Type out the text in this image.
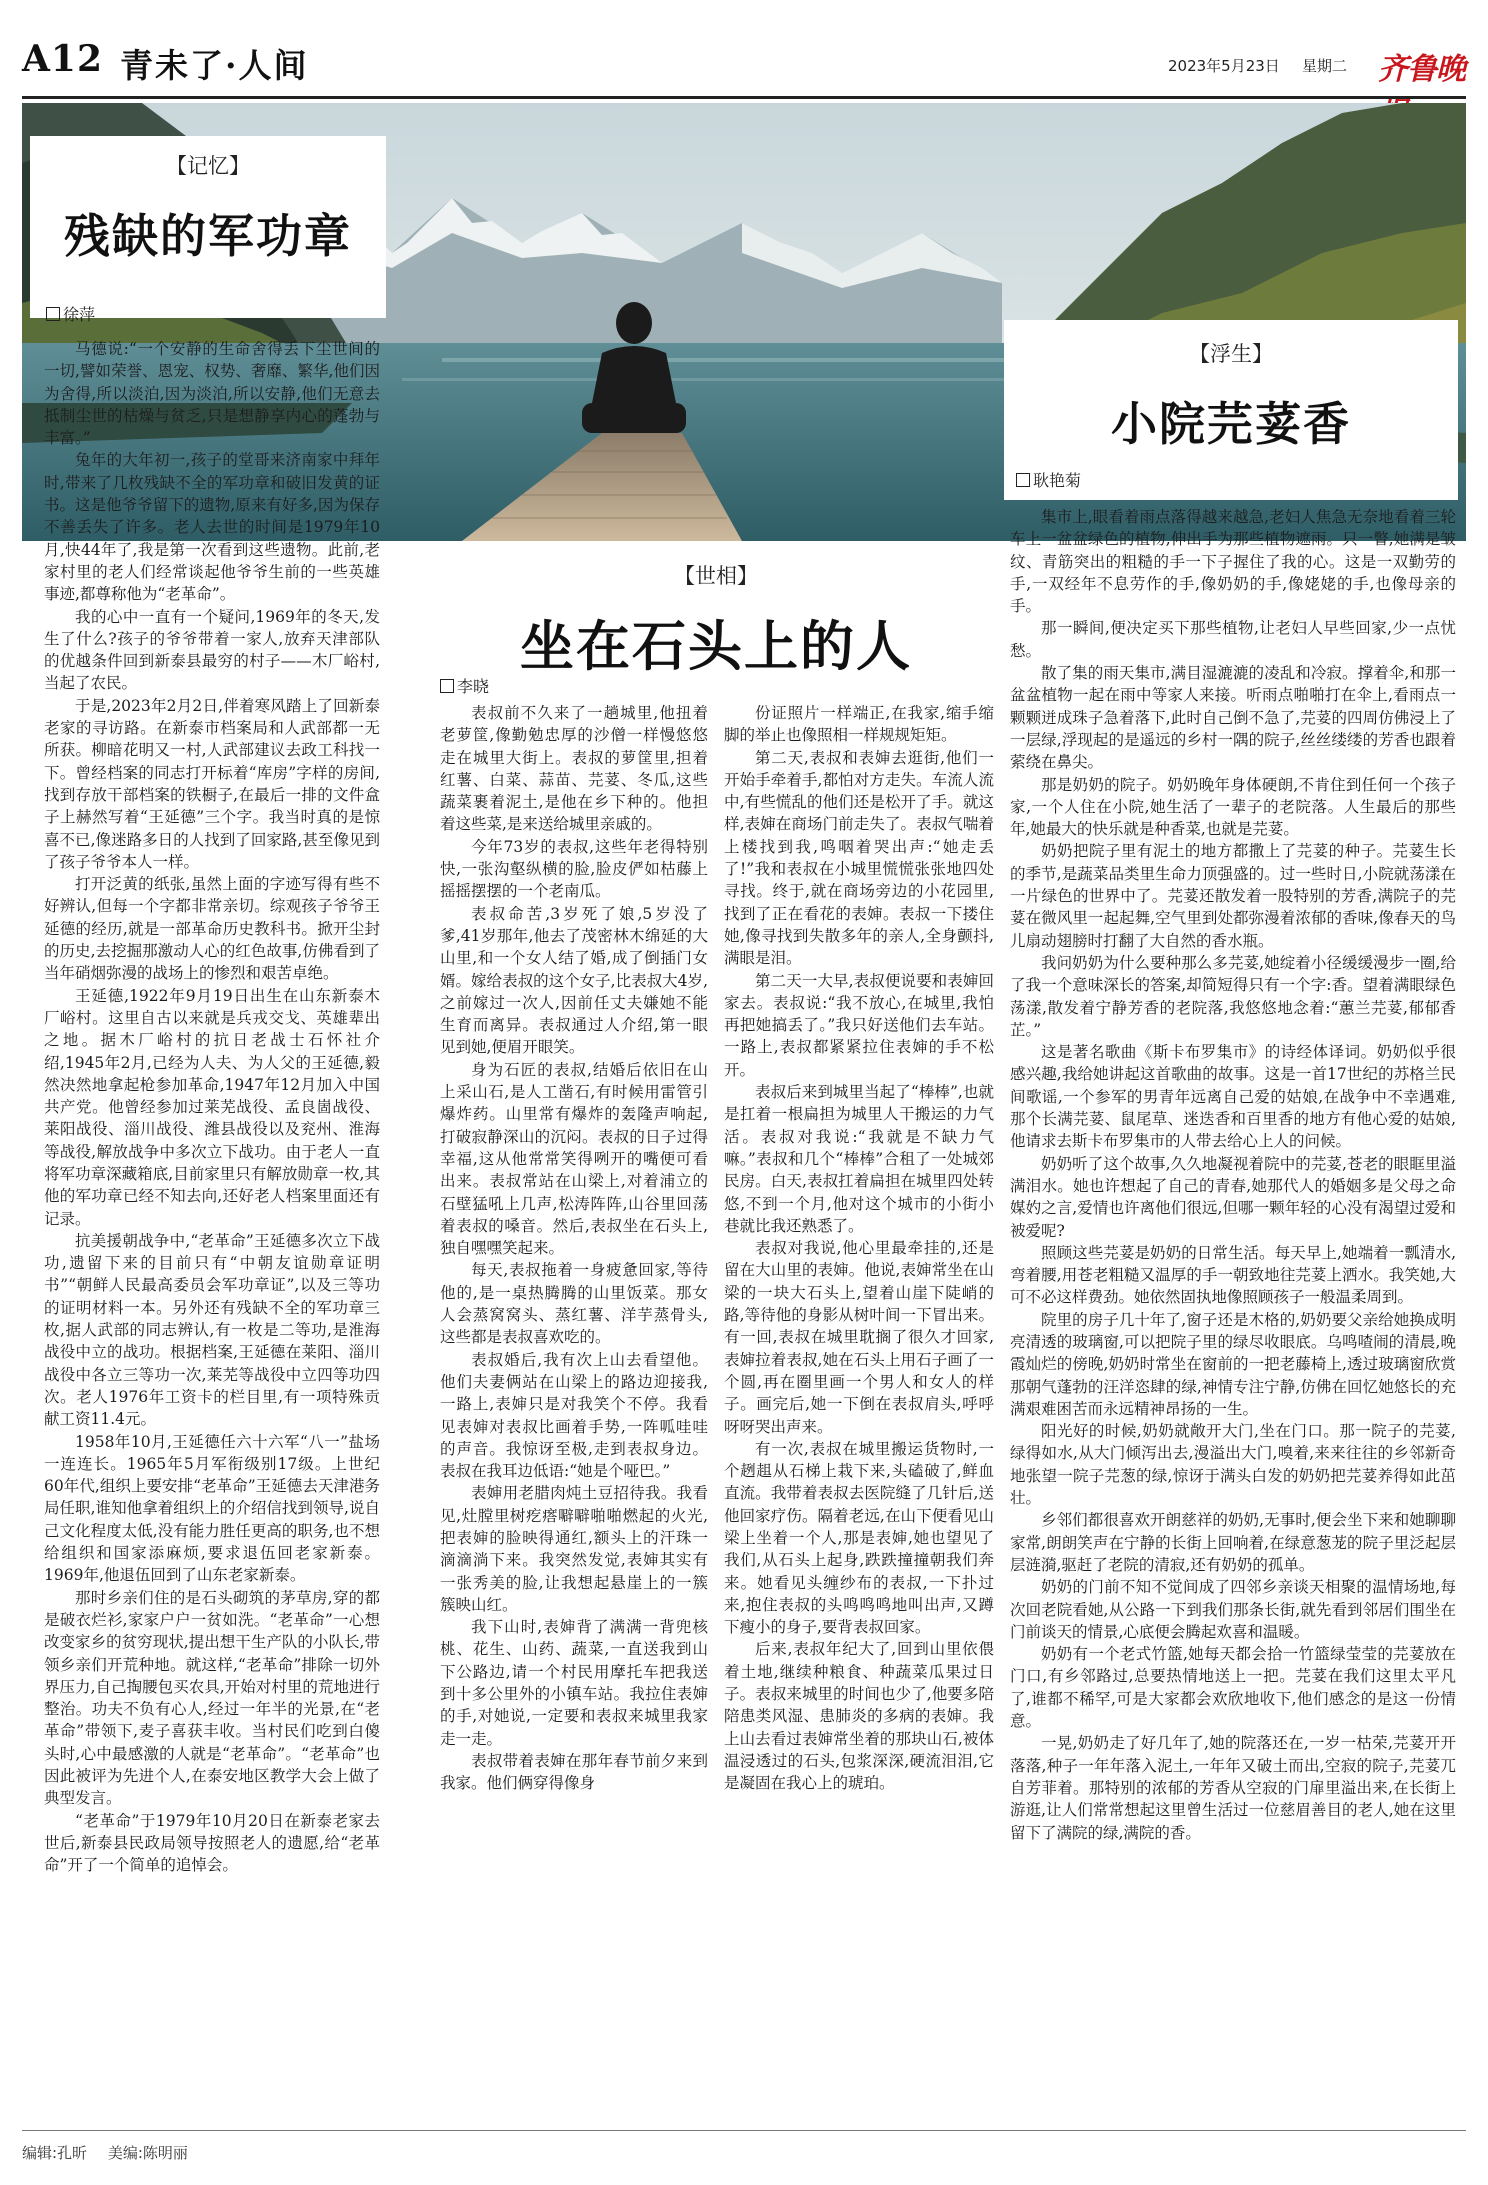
A12 青未了·人间	2023年5月23日 星期二 齐鲁晚
【记忆】
残缺的军功章
徐萍

马德说:“一个安静的生命舍得丢下尘世间的一切,譬如荣誉、恩宠、权势、奢靡、繁华,他们因为舍得,所以淡泊,因为淡泊,所以安静,他们无意去抵制尘世的枯燥与贫乏,只是想静享内心的蓬勃与丰富。”

兔年的大年初一,孩子的堂哥来济南家中拜年时,带来了几枚残缺不全的军功章和破旧发黄的证书。这是他爷爷留下的遗物,原来有好多,因为保存不善丢失了许多。老人去世的时间是1979年10月,快44年了,我是第一次看到这些遗物。此前,老家村里的老人们经常谈起他爷爷生前的一些英雄事迹,都尊称他为“老革命”。

我的心中一直有一个疑问,1969年的冬天,发生了什么?孩子的爷爷带着一家人,放弃天津部队的优越条件回到新泰县最穷的村子——木厂峪村,当起了农民。

于是,2023年2月2日,伴着寒风踏上了回新泰老家的寻访路。在新泰市档案局和人武部都一无所获。柳暗花明又一村,人武部建议去政工科找一下。曾经档案的同志打开标着“库房”字样的房间,找到存放干部档案的铁橱子,在最后一排的文件盒子上赫然写着“王延德”三个字。我当时真的是惊喜不已,像迷路多日的人找到了回家路,甚至像见到了孩子爷爷本人一样。

打开泛黄的纸张,虽然上面的字迹写得有些不好辨认,但每一个字都非常亲切。综观孩子爷爷王延德的经历,就是一部革命历史教科书。掀开尘封的历史,去挖掘那激动人心的红色故事,仿佛看到了当年硝烟弥漫的战场上的惨烈和艰苦卓绝。

王延德,1922年9月19日出生在山东新泰木厂峪村。这里自古以来就是兵戎交戈、英雄辈出之地。据木厂峪村的抗日老战士石怀社介绍,1945年2月,已经为人夫、为人父的王延德,毅然决然地拿起枪参加革命,1947年12月加入中国共产党。他曾经参加过莱芜战役、孟良崮战役、莱阳战役、淄川战役、潍县战役以及兖州、淮海等战役,解放战争中多次立下战功。由于老人一直将军功章深藏箱底,目前家里只有解放勋章一枚,其他的军功章已经不知去向,还好老人档案里面还有记录。

抗美援朝战争中,“老革命”王延德多次立下战功,遗留下来的目前只有“中朝友谊勋章证明书”“朝鲜人民最高委员会军功章证”,以及三等功的证明材料一本。另外还有残缺不全的军功章三枚,据人武部的同志辨认,有一枚是二等功,是淮海战役中立的战功。根据档案,王延德在莱阳、淄川战役中各立三等功一次,莱芜等战役中立四等功四次。老人1976年工资卡的栏目里,有一项特殊贡献工资11.4元。

1958年10月,王延德任六十六军“八一”盐场一连连长。1965年5月军衔级别17级。上世纪60年代,组织上要安排“老革命”王延德去天津港务局任职,谁知他拿着组织上的介绍信找到领导,说自己文化程度太低,没有能力胜任更高的职务,也不想给组织和国家添麻烦,要求退伍回老家新泰。1969年,他退伍回到了山东老家新泰。

那时乡亲们住的是石头砌筑的茅草房,穿的都是破衣烂衫,家家户户一贫如洗。“老革命”一心想改变家乡的贫穷现状,提出想干生产队的小队长,带领乡亲们开荒种地。就这样,“老革命”排除一切外界压力,自己掏腰包买农具,开始对村里的荒地进行整治。功夫不负有心人,经过一年半的光景,在“老革命”带领下,麦子喜获丰收。当村民们吃到白傻头时,心中最感激的人就是“老革命”。“老革命”也因此被评为先进个人,在泰安地区教学大会上做了典型发言。

“老革命”于1979年10月20日在新泰老家去世后,新泰县民政局领导按照老人的遗愿,给“老革命”开了一个简单的追悼会。

【世相】
坐在石头上的人
李晓

表叔前不久来了一趟城里,他扭着老萝筐,像勤勉忠厚的沙僧一样慢悠悠走在城里大街上。表叔的萝筐里,担着红薯、白菜、蒜苗、芫荽、冬瓜,这些蔬菜裹着泥土,是他在乡下种的。他担着这些菜,是来送给城里亲戚的。

今年73岁的表叔,这些年老得特别快,一张沟壑纵横的脸,脸皮俨如枯藤上摇摇摆摆的一个老南瓜。

表叔命苦,3岁死了娘,5岁没了爹,41岁那年,他去了茂密林木绵延的大山里,和一个女人结了婚,成了倒插门女婿。嫁给表叔的这个女子,比表叔大4岁,之前嫁过一次人,因前任丈夫嫌她不能生育而离异。表叔通过人介绍,第一眼见到她,便眉开眼笑。

身为石匠的表叔,结婚后依旧在山上采山石,是人工凿石,有时候用雷管引爆炸药。山里常有爆炸的轰隆声响起,打破寂静深山的沉闷。表叔的日子过得幸福,这从他常常笑得咧开的嘴便可看出来。表叔常站在山梁上,对着浦立的石壁猛吼上几声,松涛阵阵,山谷里回荡着表叔的嗓音。然后,表叔坐在石头上,独自嘿嘿笑起来。

每天,表叔拖着一身疲惫回家,等待他的,是一桌热腾腾的山里饭菜。那女人会蒸窝窝头、蒸红薯、洋芋蒸骨头,这些都是表叔喜欢吃的。

表叔婚后,我有次上山去看望他。他们夫妻俩站在山梁上的路边迎接我,一路上,表婶只是对我笑个不停。我看见表婶对表叔比画着手势,一阵呱哇哇的声音。我惊讶至极,走到表叔身边。表叔在我耳边低语:“她是个哑巴。”

表婶用老腊肉炖土豆招待我。我看见,灶膛里树疙瘩噼噼啪啪燃起的火光,把表婶的脸映得通红,额头上的汗珠一滴滴淌下来。我突然发觉,表婶其实有一张秀美的脸,让我想起悬崖上的一簇簇映山红。

我下山时,表婶背了满满一背兜核桃、花生、山药、蔬菜,一直送我到山下公路边,请一个村民用摩托车把我送到十多公里外的小镇车站。我拉住表婶的手,对她说,一定要和表叔来城里我家走一走。

表叔带着表婶在那年春节前夕来到我家。他们俩穿得像身

份证照片一样端正,在我家,缩手缩脚的举止也像照相一样规规矩矩。

第二天,表叔和表婶去逛街,他们一开始手牵着手,都怕对方走失。车流人流中,有些慌乱的他们还是松开了手。就这样,表婶在商场门前走失了。表叔气喘着上楼找到我,鸣咽着哭出声:“她走丢了!”我和表叔在小城里慌慌张张地四处寻找。终于,就在商场旁边的小花园里,找到了正在看花的表婶。表叔一下搂住她,像寻找到失散多年的亲人,全身颤抖,满眼是泪。

第二天一大早,表叔便说要和表婶回家去。表叔说:“我不放心,在城里,我怕再把她搞丢了。”我只好送他们去车站。一路上,表叔都紧紧拉住表婶的手不松开。

表叔后来到城里当起了“棒棒”,也就是扛着一根扁担为城里人干搬运的力气活。表叔对我说:“我就是不缺力气嘛。”表叔和几个“棒棒”合租了一处城郊民房。白天,表叔扛着扁担在城里四处转悠,不到一个月,他对这个城市的小街小巷就比我还熟悉了。

表叔对我说,他心里最牵挂的,还是留在大山里的表婶。他说,表婶常坐在山梁的一块大石头上,望着山崖下陡峭的路,等待他的身影从树叶间一下冒出来。有一回,表叔在城里耽搁了很久才回家,表婶拉着表叔,她在石头上用石子画了一个圆,再在圈里画一个男人和女人的样子。画完后,她一下倒在表叔肩头,呼呼呀呀哭出声来。

有一次,表叔在城里搬运货物时,一个趔趄从石梯上栽下来,头磕破了,鲜血直流。我带着表叔去医院缝了几针后,送他回家疗伤。隔着老远,在山下便看见山梁上坐着一个人,那是表婶,她也望见了我们,从石头上起身,跌跌撞撞朝我们奔来。她看见头缠纱布的表叔,一下扑过来,抱住表叔的头鸣鸣鸣地叫出声,又蹲下瘦小的身子,要背表叔回家。

后来,表叔年纪大了,回到山里依偎着土地,继续种粮食、种蔬菜瓜果过日子。表叔来城里的时间也少了,他要多陪陪患类风湿、患肺炎的多病的表婶。我上山去看过表婶常坐着的那块山石,被体温浸透过的石头,包浆深深,硬流泪泪,它是凝固在我心上的琥珀。

【浮生】
小院芫荽香
耿艳菊

集市上,眼看着雨点落得越来越急,老妇人焦急无奈地看着三轮车上一盆盆绿色的植物,伸出手为那些植物遮雨。只一瞥,她满是皱纹、青筋突出的粗糙的手一下子握住了我的心。这是一双勤劳的手,一双经年不息劳作的手,像奶奶的手,像姥姥的手,也像母亲的手。

那一瞬间,便决定买下那些植物,让老妇人早些回家,少一点忧愁。

散了集的雨天集市,满目湿漉漉的凌乱和冷寂。撑着伞,和那一盆盆植物一起在雨中等家人来接。听雨点啪啪打在伞上,看雨点一颗颗迸成珠子急着落下,此时自己倒不急了,芫荽的四周仿佛浸上了一层绿,浮现起的是遥远的乡村一隅的院子,丝丝缕缕的芳香也跟着萦绕在鼻尖。

那是奶奶的院子。奶奶晚年身体硬朗,不肯住到任何一个孩子家,一个人住在小院,她生活了一辈子的老院落。人生最后的那些年,她最大的快乐就是种香菜,也就是芫荽。

奶奶把院子里有泥土的地方都撒上了芫荽的种子。芫荽生长的季节,是蔬菜品类里生命力顶强盛的。过一些时日,小院就荡漾在一片绿色的世界中了。芫荽还散发着一股特别的芳香,满院子的芫荽在微风里一起起舞,空气里到处都弥漫着浓郁的香味,像春天的鸟儿扇动翅膀时打翻了大自然的香水瓶。

我问奶奶为什么要种那么多芫荽,她绽着小径缓缓漫步一圈,给了我一个意味深长的答案,却简短得只有一个字:香。望着满眼绿色荡漾,散发着宁静芳香的老院落,我悠悠地念着:“蕙兰芫荽,郁郁香芷。”

这是著名歌曲《斯卡布罗集市》的诗经体译词。奶奶似乎很感兴趣,我给她讲起这首歌曲的故事。这是一首17世纪的苏格兰民间歌谣,一个参军的男青年远离自己爱的姑娘,在战争中不幸遇难,那个长满芫荽、鼠尾草、迷迭香和百里香的地方有他心爱的姑娘,他请求去斯卡布罗集市的人带去给心上人的问候。

奶奶听了这个故事,久久地凝视着院中的芫荽,苍老的眼眶里溢满泪水。她也许想起了自己的青春,她那代人的婚姻多是父母之命媒妁之言,爱情也许离他们很远,但哪一颗年轻的心没有渴望过爱和被爱呢?

照顾这些芫荽是奶奶的日常生活。每天早上,她端着一瓢清水,弯着腰,用苍老粗糙又温厚的手一朝致地往芫荽上洒水。我笑她,大可不必这样费劲。她依然固执地像照顾孩子一般温柔周到。

院里的房子几十年了,窗子还是木格的,奶奶要父亲给她换成明亮清透的玻璃窗,可以把院子里的绿尽收眼底。乌鸣喳闹的清晨,晚霞灿烂的傍晚,奶奶时常坐在窗前的一把老藤椅上,透过玻璃窗欣赏那朝气蓬勃的汪洋恣肆的绿,神情专注宁静,仿佛在回忆她悠长的充满艰难困苦而永远精神昂扬的一生。

阳光好的时候,奶奶就敞开大门,坐在门口。那一院子的芫荽,绿得如水,从大门倾泻出去,漫溢出大门,嗅着,来来往往的乡邻新奇地张望一院子芫葱的绿,惊讶于满头白发的奶奶把芫荽养得如此茁壮。

乡邻们都很喜欢开朗慈祥的奶奶,无事时,便会坐下来和她聊聊家常,朗朗笑声在宁静的长街上回响着,在绿意葱茏的院子里泛起层层涟漪,驱赶了老院的清寂,还有奶奶的孤单。

奶奶的门前不知不觉间成了四邻乡亲谈天相聚的温情场地,每次回老院看她,从公路一下到我们那条长街,就先看到邻居们围坐在门前谈天的情景,心底便会腾起欢喜和温暖。

奶奶有一个老式竹篮,她每天都会拾一竹篮绿莹莹的芫荽放在门口,有乡邻路过,总要热情地送上一把。芫荽在我们这里太平凡了,谁都不稀罕,可是大家都会欢欣地收下,他们感念的是这一份情意。

一晃,奶奶走了好几年了,她的院落还在,一岁一枯荣,芫荽开开落落,种子一年年落入泥土,一年年又破土而出,空寂的院子,芫荽兀自芳菲着。那特别的浓郁的芳香从空寂的门扉里溢出来,在长街上游逛,让人们常常想起这里曾生活过一位慈眉善目的老人,她在这里留下了满院的绿,满院的香。

编辑:孔昕 美编:陈明丽
